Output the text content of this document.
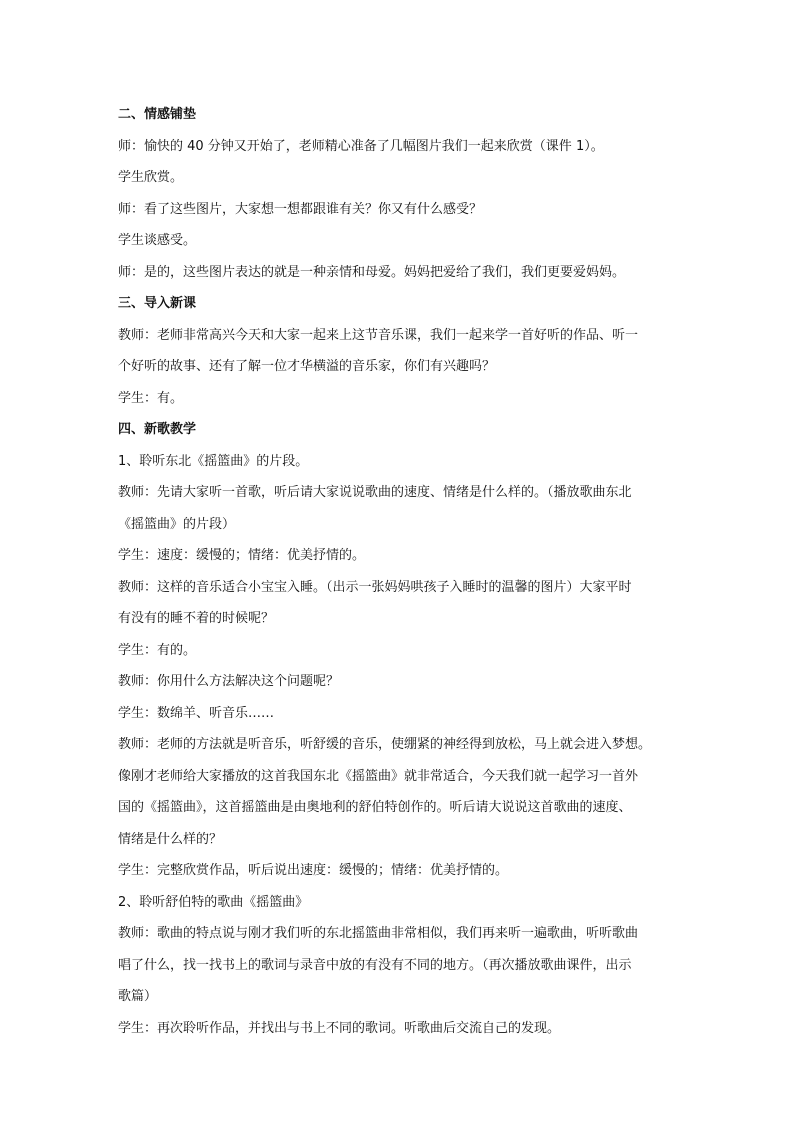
二、情感铺垫

师：愉快的 40 分钟又开始了，老师精心准备了几幅图片我们一起来欣赏（课件 1）。

学生欣赏。

师：看了这些图片，大家想一想都跟谁有关？你又有什么感受？

学生谈感受。

师：是的，这些图片表达的就是一种亲情和母爱。妈妈把爱给了我们，我们更要爱妈妈。

三、导入新课

教师：老师非常高兴今天和大家一起来上这节音乐课，我们一起来学一首好听的作品、听一

个好听的故事、还有了解一位才华横溢的音乐家，你们有兴趣吗？

学生：有。

四、新歌教学

1、聆听东北《摇篮曲》的片段。

教师：先请大家听一首歌，听后请大家说说歌曲的速度、情绪是什么样的。（播放歌曲东北

《摇篮曲》的片段）

学生：速度：缓慢的；情绪：优美抒情的。

教师：这样的音乐适合小宝宝入睡。（出示一张妈妈哄孩子入睡时的温馨的图片）大家平时

有没有的睡不着的时候呢？

学生：有的。

教师：你用什么方法解决这个问题呢？

学生：数绵羊、听音乐……

教师：老师的方法就是听音乐，听舒缓的音乐，使绷紧的神经得到放松，马上就会进入梦想。

像刚才老师给大家播放的这首我国东北《摇篮曲》就非常适合，今天我们就一起学习一首外

国的《摇篮曲》，这首摇篮曲是由奥地利的舒伯特创作的。听后请大说说这首歌曲的速度、

情绪是什么样的？

学生：完整欣赏作品，听后说出速度：缓慢的；情绪：优美抒情的。

2、聆听舒伯特的歌曲《摇篮曲》

教师：歌曲的特点说与刚才我们听的东北摇篮曲非常相似，我们再来听一遍歌曲，听听歌曲

唱了什么，找一找书上的歌词与录音中放的有没有不同的地方。（再次播放歌曲课件，出示

歌篇）

学生：再次聆听作品，并找出与书上不同的歌词。听歌曲后交流自己的发现。
